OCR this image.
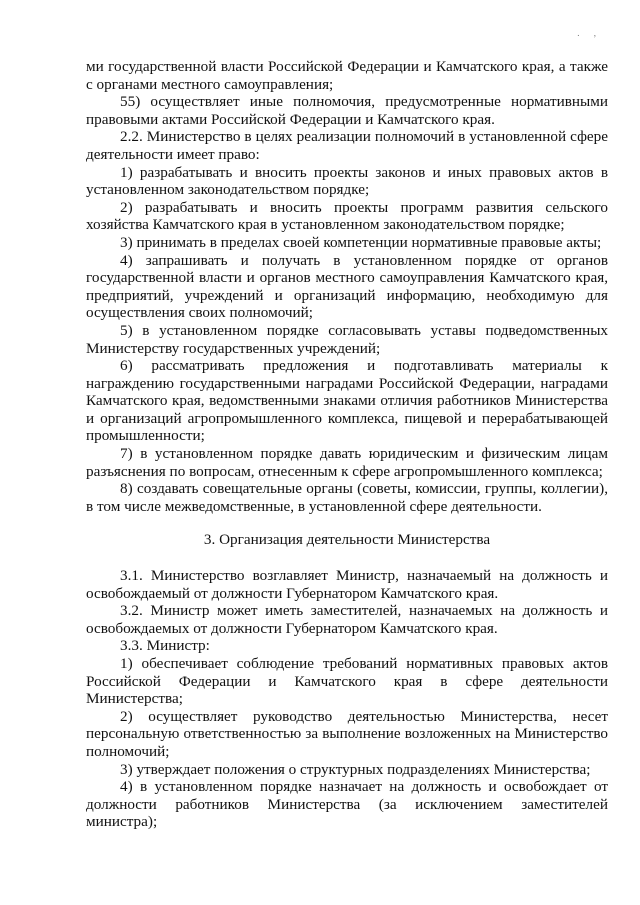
. ,

ми государственной власти Российской Федерации и Камчатского края, а также с органами местного самоуправления;

55) осуществляет иные полномочия, предусмотренные нормативными правовыми актами Российской Федерации и Камчатского края.

2.2. Министерство в целях реализации полномочий в установленной сфере деятельности имеет право:

1) разрабатывать и вносить проекты законов и иных правовых актов в установленном законодательством порядке;

2) разрабатывать и вносить проекты программ развития сельского хозяйства Камчатского края в установленном законодательством порядке;

3) принимать в пределах своей компетенции нормативные правовые акты;

4) запрашивать и получать в установленном порядке от органов государственной власти и органов местного самоуправления Камчатского края, предприятий, учреждений и организаций информацию, необходимую для осуществления своих полномочий;

5) в установленном порядке согласовывать уставы подведомственных Министерству государственных учреждений;

6) рассматривать предложения и подготавливать материалы к награждению государственными наградами Российской Федерации, наградами Камчатского края, ведомственными знаками отличия работников Министерства и организаций агропромышленного комплекса, пищевой и перерабатывающей промышленности;

7) в установленном порядке давать юридическим и физическим лицам разъяснения по вопросам, отнесенным к сфере агропромышленного комплекса;

8) создавать совещательные органы (советы, комиссии, группы, коллегии), в том числе межведомственные, в установленной сфере деятельности.

3. Организация деятельности Министерства

3.1. Министерство возглавляет Министр, назначаемый на должность и освобождаемый от должности Губернатором Камчатского края.

3.2. Министр может иметь заместителей, назначаемых на должность и освобождаемых от должности Губернатором Камчатского края.

3.3. Министр:

1) обеспечивает соблюдение требований нормативных правовых актов Российской Федерации и Камчатского края в сфере деятельности Министерства;

2) осуществляет руководство деятельностью Министерства, несет персональную ответственностью за выполнение возложенных на Министерство полномочий;

3) утверждает положения о структурных подразделениях Министерства;

4) в установленном порядке назначает на должность и освобождает от должности работников Министерства (за исключением заместителей министра);
